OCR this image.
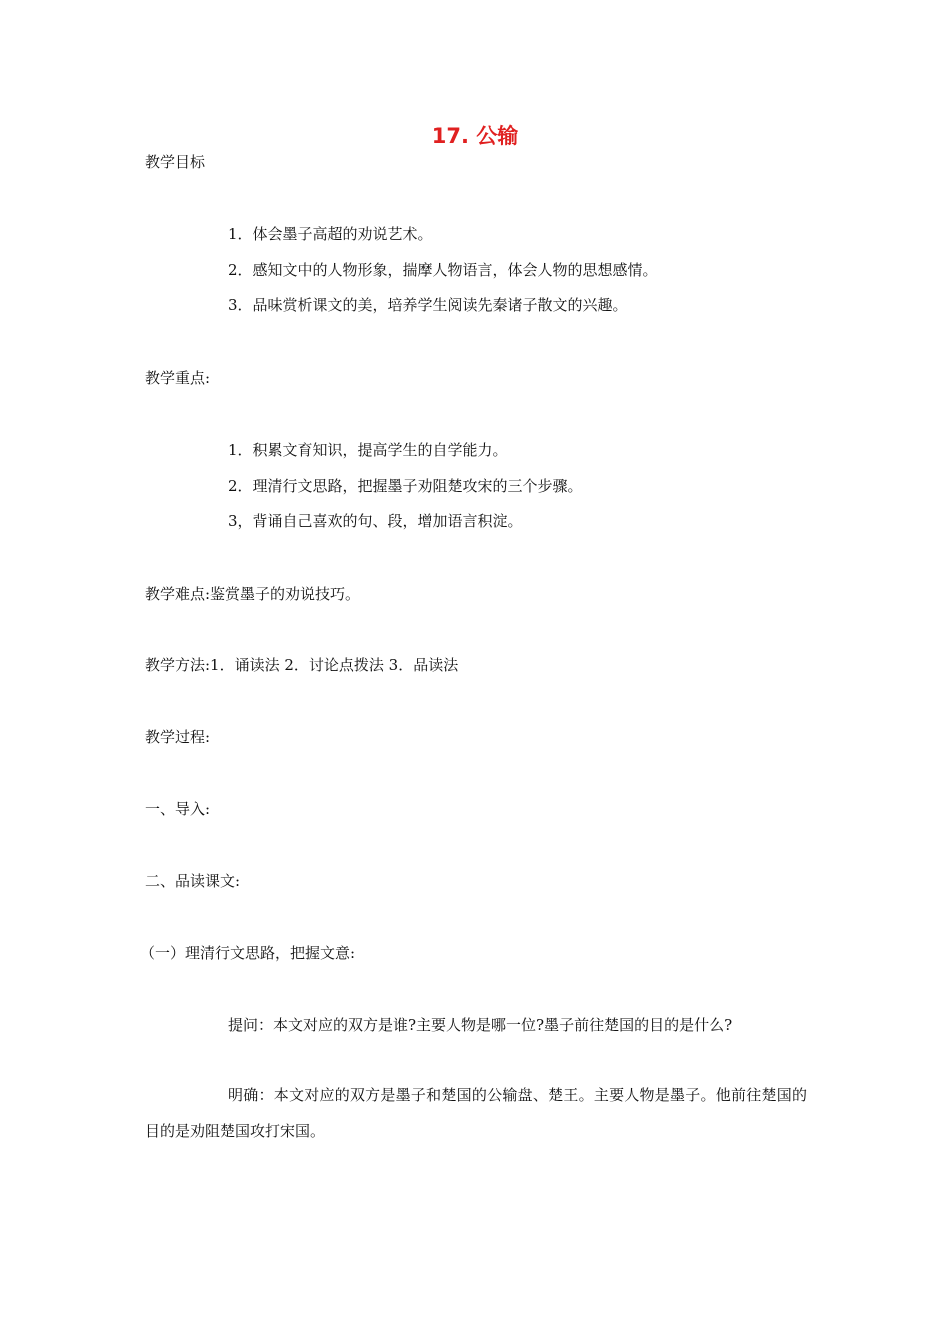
17. 公输
教学目标
1．体会墨子高超的劝说艺术。
2．感知文中的人物形象，揣摩人物语言，体会人物的思想感情。
3．品味赏析课文的美，培养学生阅读先秦诸子散文的兴趣。
教学重点:
1．积累文育知识，提高学生的自学能力。
2．理清行文思路，把握墨子劝阻楚攻宋的三个步骤。
3，背诵自己喜欢的句、段，增加语言积淀。
教学难点:鉴赏墨子的劝说技巧。
教学方法:1．诵读法 2．讨论点拨法 3．品读法
教学过程:
一、导入:
二、品读课文:
（一）理清行文思路，把握文意:
提问：本文对应的双方是谁?主要人物是哪一位?墨子前往楚国的目的是什么?
明确：本文对应的双方是墨子和楚国的公输盘、楚王。主要人物是墨子。他前往楚国的目的是劝阻楚国攻打宋国。
